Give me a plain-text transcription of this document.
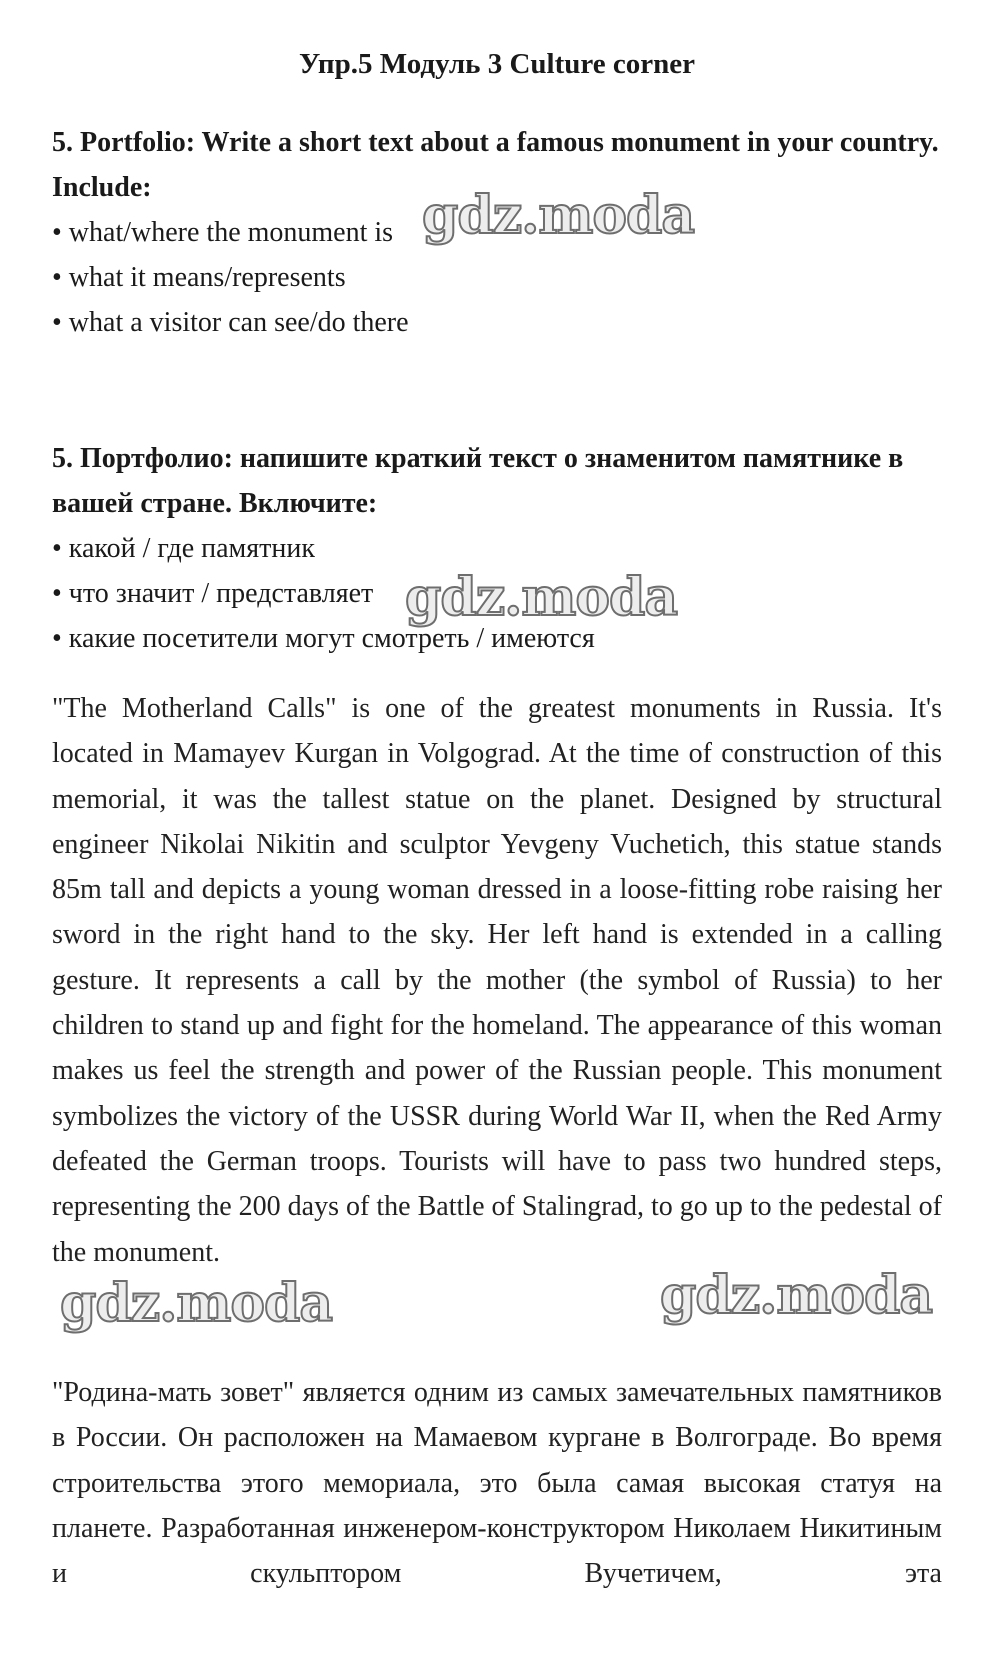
Упр.5 Модуль 3 Culture corner
5. Portfolio: Write a short text about a famous monument in your country. Include:
• what/where the monument is
• what it means/represents
• what a visitor can see/do there
5. Портфолио: напишите краткий текст о знаменитом памятнике в вашей стране. Включите:
• какой / где памятник
• что значит / представляет
• какие посетители могут смотреть / имеются
"The Motherland Calls" is one of the greatest monuments in Russia. It's located in Mamayev Kurgan in Volgograd. At the time of construction of this memorial, it was the tallest statue on the planet. Designed by structural engineer Nikolai Nikitin and sculptor Yevgeny Vuchetich, this statue stands 85m tall and depicts a young woman dressed in a loose-fitting robe raising her sword in the right hand to the sky. Her left hand is extended in a calling gesture. It represents a call by the mother (the symbol of Russia) to her children to stand up and fight for the homeland. The appearance of this woman makes us feel the strength and power of the Russian people. This monument symbolizes the victory of the USSR during World War II, when the Red Army defeated the German troops. Tourists will have to pass two hundred steps, representing the 200 days of the Battle of Stalingrad, to go up to the pedestal of the monument.
"Родина-мать зовет" является одним из самых замечательных памятников в России. Он расположен на Мамаевом кургане в Волгограде. Во время строительства этого мемориала, это была самая высокая статуя на планете. Разработанная инженером-конструктором Николаем Никитиным и скульптором Вучетичем, эта
gdz.moda
gdz.moda
gdz.moda	gdz.moda
